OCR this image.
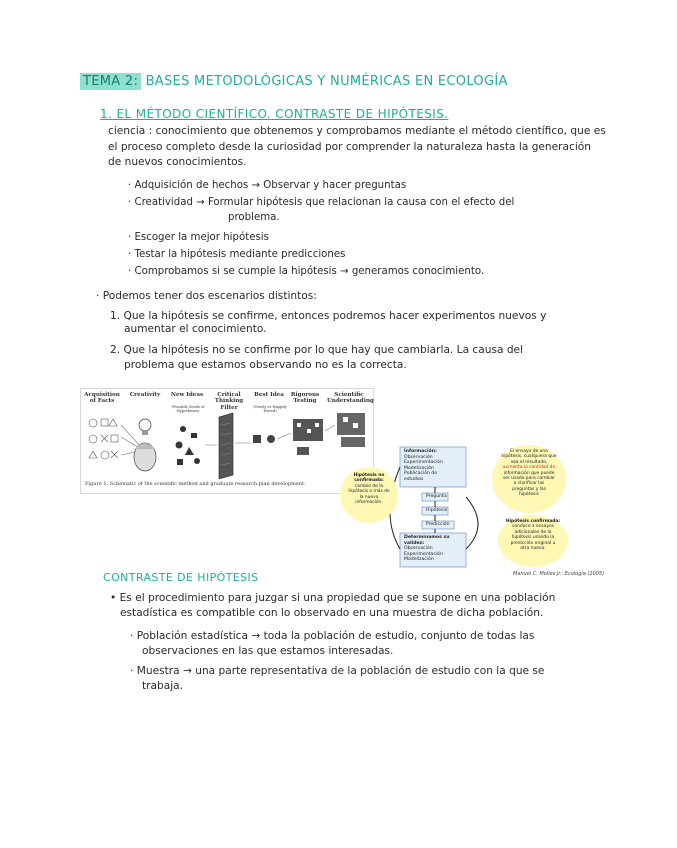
TEMA 2: BASES METODOLÓGICAS Y NUMÉRICAS EN ECOLOGÍA
1. EL MÉTODO CIENTÍFICO. CONTRASTE DE HIPÓTESIS.
ciencia : conocimiento que obtenemos y comprobamos mediante el método científico, que es
el proceso completo desde la curiosidad por comprender la naturaleza hasta la generación
de nuevos conocimientos.
· Adquisición de hechos → Observar y hacer preguntas
· Creatividad → Formular hipótesis que relacionan la causa con el efecto del
problema.
· Escoger la mejor hipótesis
· Testar la hipótesis mediante predicciones
· Comprobamos si se cumple la hipótesis → generamos conocimiento.
· Podemos tener dos escenarios distintos:
1. Que la hipótesis se confirme, entonces podremos hacer experimentos nuevos y
aumentar el conocimiento.
2. Que la hipótesis no se confirme por lo que hay que cambiarla. La causa del
problema que estamos observando no es la correcta.
Acquisition of Facts
Creativity	New Ideas	Critical Thinking Filter
Best Idea	Rigorous Testing
Scientific Understanding
(Possible Seeds of Hypotheses)
(Newly or Happily Tested)
Figure 1. Schematic of the scientific method and graduate research plan development.
Información:
Observación
Experimentación
Modelización
Publicación de
estudios
Pregunta
Hipótesis
Predicción
Determinamos su
validez:
Observación
Experimentación
Modelización
Hipótesis no
confirmada:
cambio de la
hipótesis o más de
la nueva
información.
El ensayo de una
hipótesis, cualquiera que
sea el resultado,
aumenta la cantidad de
información que puede
ser usada para cambiar
o clarificar las
preguntas y las
hipótesis
Hipótesis confirmada:
conduce a ensayos
adicionales de la
hipótesis usando la
predicción original u
otra nueva.
Manuel C. Molles Jr.: Ecología (2005)
CONTRASTE DE HIPÓTESIS
• Es el procedimiento para juzgar si una propiedad que se supone en una población
estadística es compatible con lo observado en una muestra de dicha población.
· Población estadística → toda la población de estudio, conjunto de todas las
observaciones en las que estamos interesadas.
· Muestra → una parte representativa de la población de estudio con la que se
trabaja.
